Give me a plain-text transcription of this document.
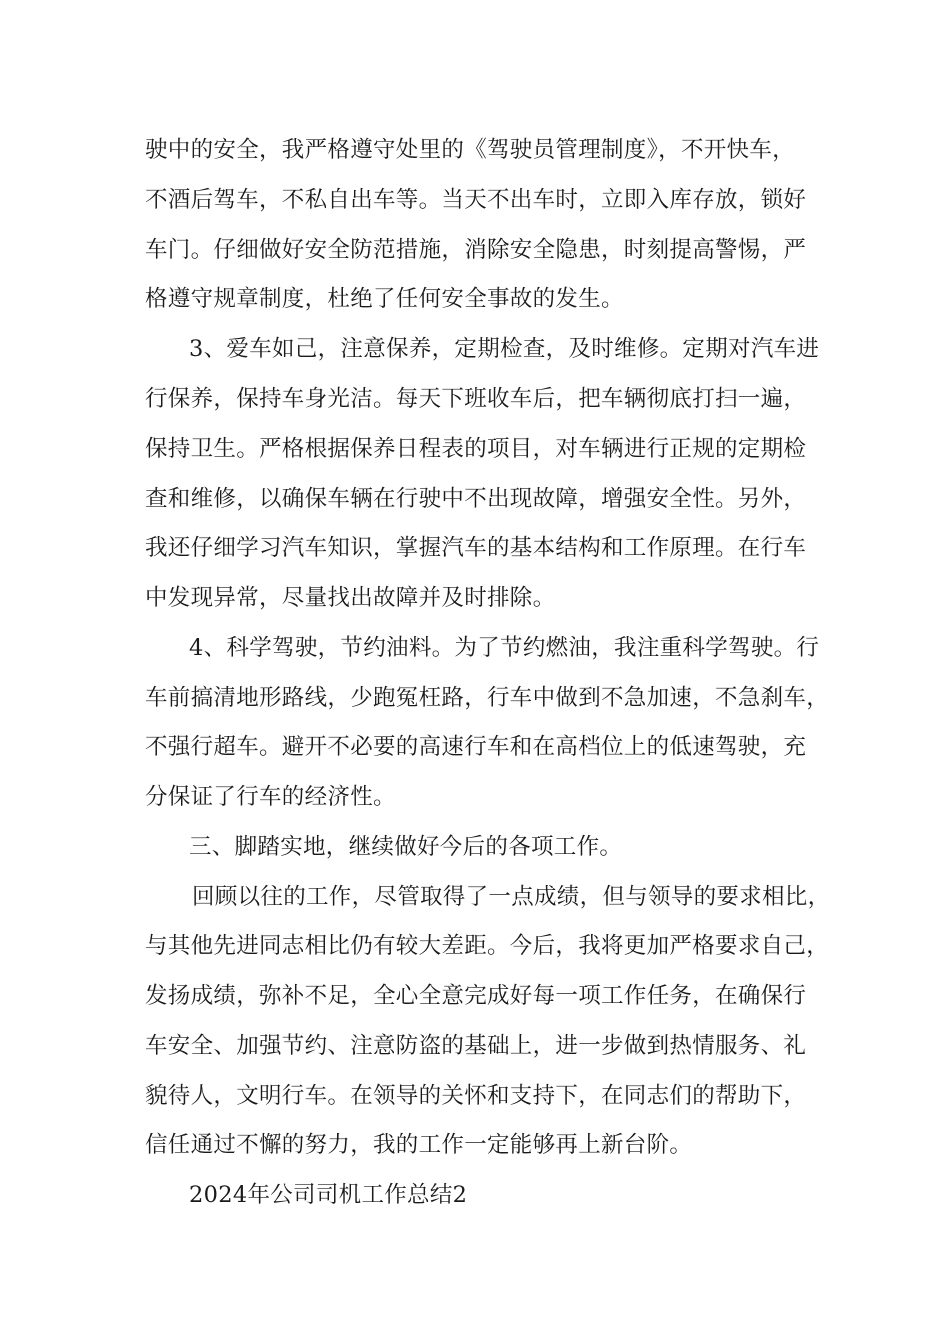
驶中的安全，我严格遵守处里的《驾驶员管理制度》，不开快车，
不酒后驾车，不私自出车等。当天不出车时，立即入库存放，锁好
车门。仔细做好安全防范措施，消除安全隐患，时刻提高警惕，严
格遵守规章制度，杜绝了任何安全事故的发生。
3、爱车如己，注意保养，定期检查，及时维修。定期对汽车进
行保养，保持车身光洁。每天下班收车后，把车辆彻底打扫一遍，
保持卫生。严格根据保养日程表的项目，对车辆进行正规的定期检
查和维修，以确保车辆在行驶中不出现故障，增强安全性。另外，
我还仔细学习汽车知识，掌握汽车的基本结构和工作原理。在行车
中发现异常，尽量找出故障并及时排除。
4、科学驾驶，节约油料。为了节约燃油，我注重科学驾驶。行
车前搞清地形路线，少跑冤枉路，行车中做到不急加速，不急刹车，
不强行超车。避开不必要的高速行车和在高档位上的低速驾驶，充
分保证了行车的经济性。
三、脚踏实地，继续做好今后的各项工作。
回顾以往的工作，尽管取得了一点成绩，但与领导的要求相比，
与其他先进同志相比仍有较大差距。今后，我将更加严格要求自己，
发扬成绩，弥补不足，全心全意完成好每一项工作任务，在确保行
车安全、加强节约、注意防盗的基础上，进一步做到热情服务、礼
貌待人，文明行车。在领导的关怀和支持下，在同志们的帮助下，
信任通过不懈的努力，我的工作一定能够再上新台阶。
2024年公司司机工作总结2
